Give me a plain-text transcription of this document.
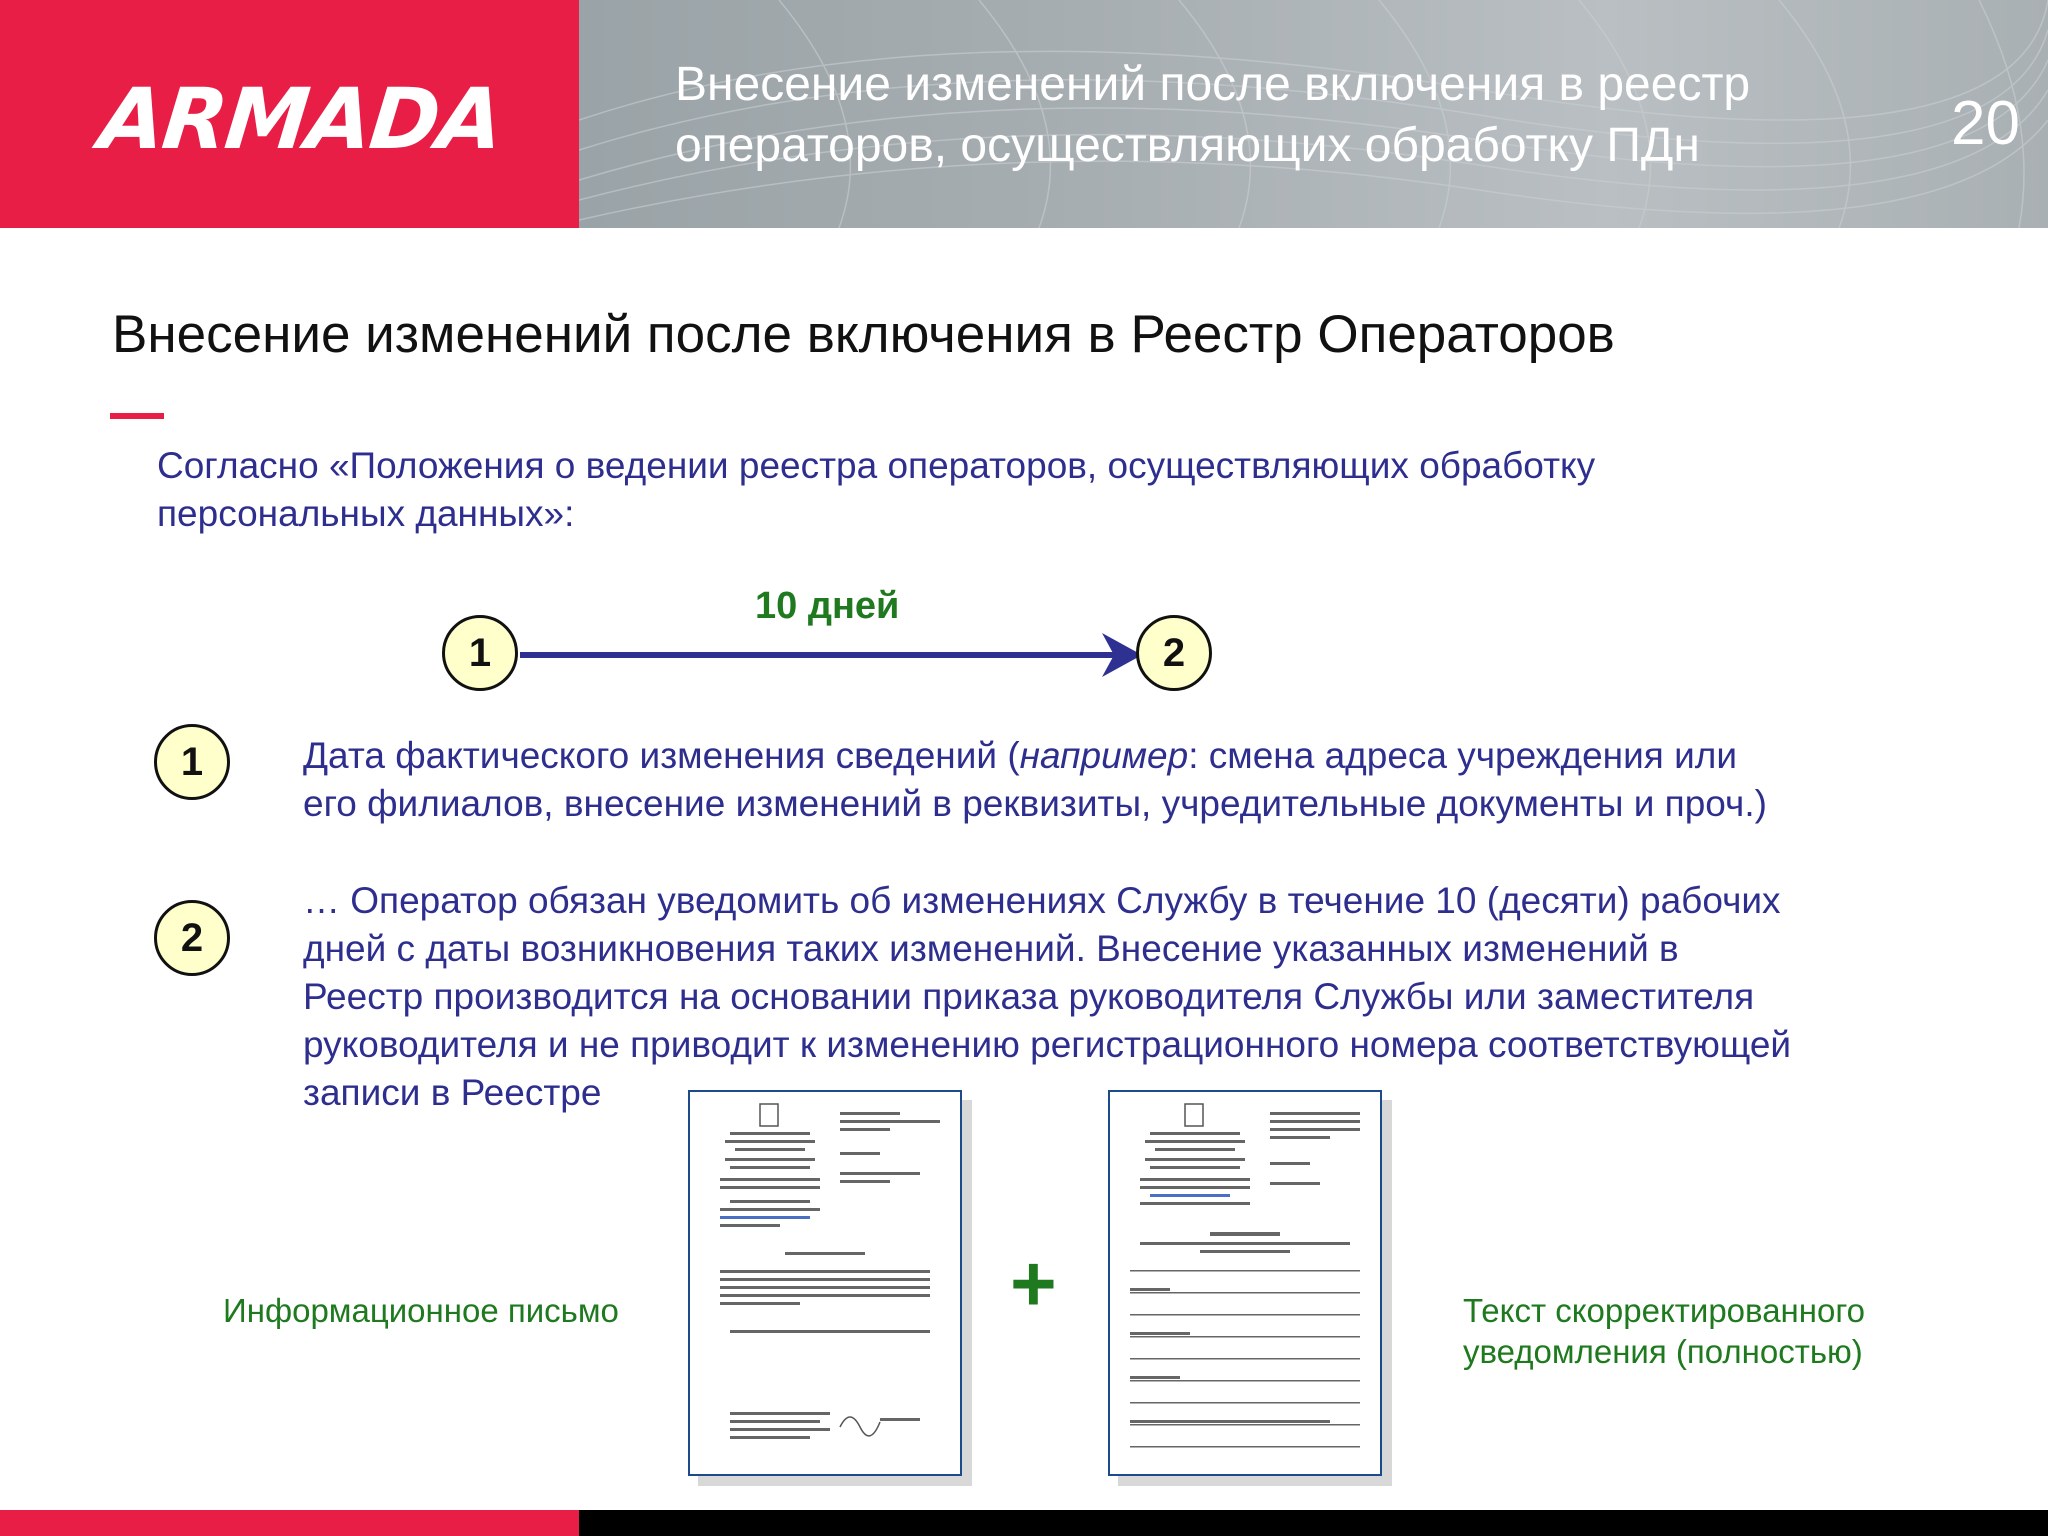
ARMADA	Внесение изменений после включения в реестр
операторов, осуществляющих обработку ПДн	20
Внесение изменений после включения в Реестр Операторов
Согласно «Положения о ведении реестра операторов, осуществляющих обработку
персональных данных»:
10 дней
1	2
1	Дата фактического изменения сведений (например: смена адреса учреждения или
его филиалов, внесение изменений в реквизиты, учредительные документы и проч.)
2
… Оператор обязан уведомить об изменениях Службу в течение 10 (десяти) рабочих
дней с даты возникновения таких изменений. Внесение указанных изменений в
Реестр производится на основании приказа руководителя Службы или заместителя
руководителя и не приводит к изменению регистрационного номера соответствующей
записи в Реестре
Информационное письмо	+	Текст скорректированного
уведомления (полностью)
